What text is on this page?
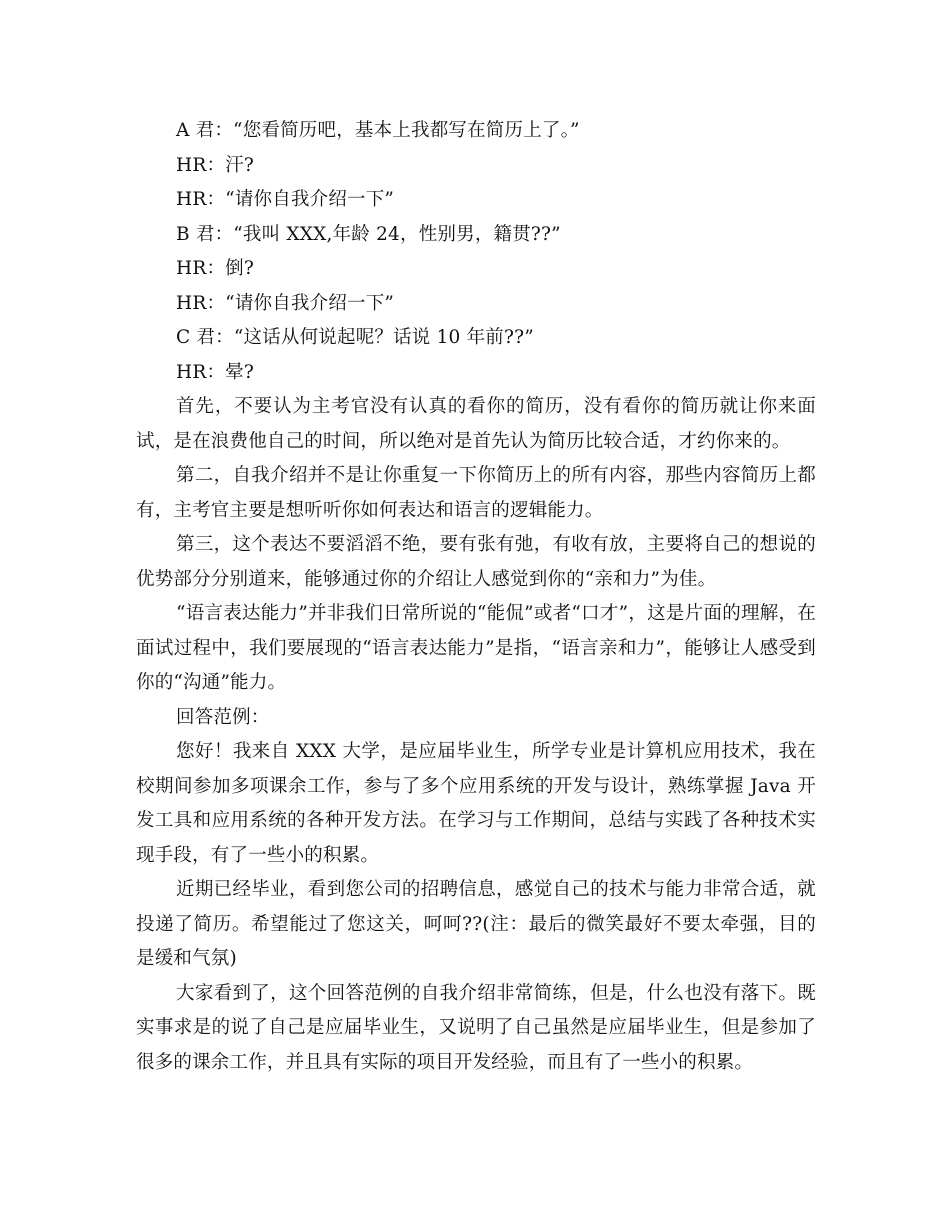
A 君：“您看简历吧，基本上我都写在简历上了。”

HR：汗?

HR：“请你自我介绍一下”

B 君：“我叫 XXX,年龄 24，性别男，籍贯??”

HR：倒?

HR：“请你自我介绍一下”

C 君：“这话从何说起呢？话说 10 年前??”

HR：晕?

首先，不要认为主考官没有认真的看你的简历，没有看你的简历就让你来面试，是在浪费他自己的时间，所以绝对是首先认为简历比较合适，才约你来的。

第二，自我介绍并不是让你重复一下你简历上的所有内容，那些内容简历上都有，主考官主要是想听听你如何表达和语言的逻辑能力。

第三，这个表达不要滔滔不绝，要有张有弛，有收有放，主要将自己的想说的优势部分分别道来，能够通过你的介绍让人感觉到你的“亲和力”为佳。

“语言表达能力”并非我们日常所说的“能侃”或者“口才”，这是片面的理解，在面试过程中，我们要展现的“语言表达能力”是指，“语言亲和力”，能够让人感受到你的“沟通”能力。

回答范例：

您好！我来自 XXX 大学，是应届毕业生，所学专业是计算机应用技术，我在校期间参加多项课余工作，参与了多个应用系统的开发与设计，熟练掌握 Java 开发工具和应用系统的各种开发方法。在学习与工作期间，总结与实践了各种技术实现手段，有了一些小的积累。

近期已经毕业，看到您公司的招聘信息，感觉自己的技术与能力非常合适，就投递了简历。希望能过了您这关，呵呵??(注：最后的微笑最好不要太牵强，目的是缓和气氛)

大家看到了，这个回答范例的自我介绍非常简练，但是，什么也没有落下。既实事求是的说了自己是应届毕业生，又说明了自己虽然是应届毕业生，但是参加了很多的课余工作，并且具有实际的项目开发经验，而且有了一些小的积累。
